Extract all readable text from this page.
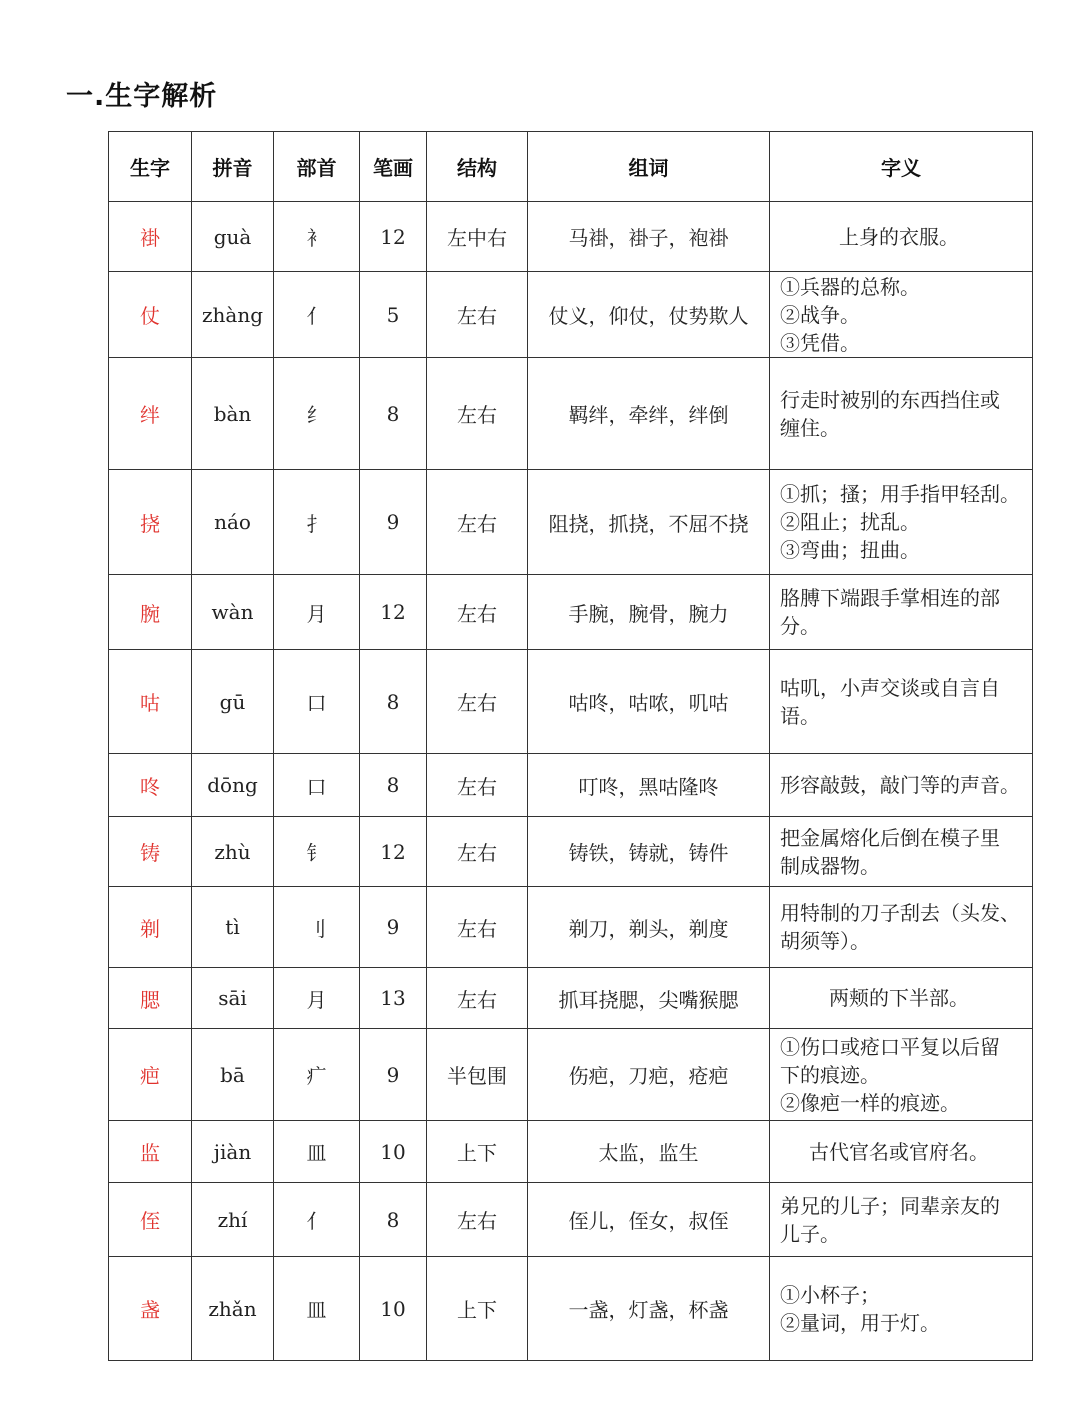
一.生字解析
生字	拼音	部首	笔画	结构	组词	字义
褂	guà	衤	12	左中右	马褂，褂子，袍褂	上身的衣服。

仗	zhàng	亻	5	左右	仗义，仰仗，仗势欺人	①兵器的总称。
②战争。
③凭借。

绊	bàn	纟	8	左右	羁绊，牵绊，绊倒	行走时被别的东西挡住或
缠住。

挠	náo	扌	9	左右	阻挠，抓挠，不屈不挠	①抓；搔；用手指甲轻刮。
②阻止；扰乱。
③弯曲；扭曲。

腕	wàn	月	12	左右	手腕，腕骨，腕力	胳膊下端跟手掌相连的部
分。

咕	gū	口	8	左右	咕咚，咕哝，叽咕	咕叽，小声交谈或自言自
语。

咚	dōng	口	8	左右	叮咚，黑咕隆咚	形容敲鼓，敲门等的声音。

铸	zhù	钅	12	左右	铸铁，铸就，铸件	把金属熔化后倒在模子里
制成器物。

剃	tì	刂	9	左右	剃刀，剃头，剃度	用特制的刀子刮去（头发、
胡须等）。

腮	sāi	月	13	左右	抓耳挠腮，尖嘴猴腮	两颊的下半部。

疤	bā	疒	9	半包围	伤疤，刀疤，疮疤	①伤口或疮口平复以后留
下的痕迹。
②像疤一样的痕迹。

监	jiàn	皿	10	上下	太监，监生	古代官名或官府名。

侄	zhí	亻	8	左右	侄儿，侄女，叔侄	弟兄的儿子；同辈亲友的
儿子。

盏	zhǎn	皿	10	上下	一盏，灯盏，杯盏	①小杯子；
②量词，用于灯。
